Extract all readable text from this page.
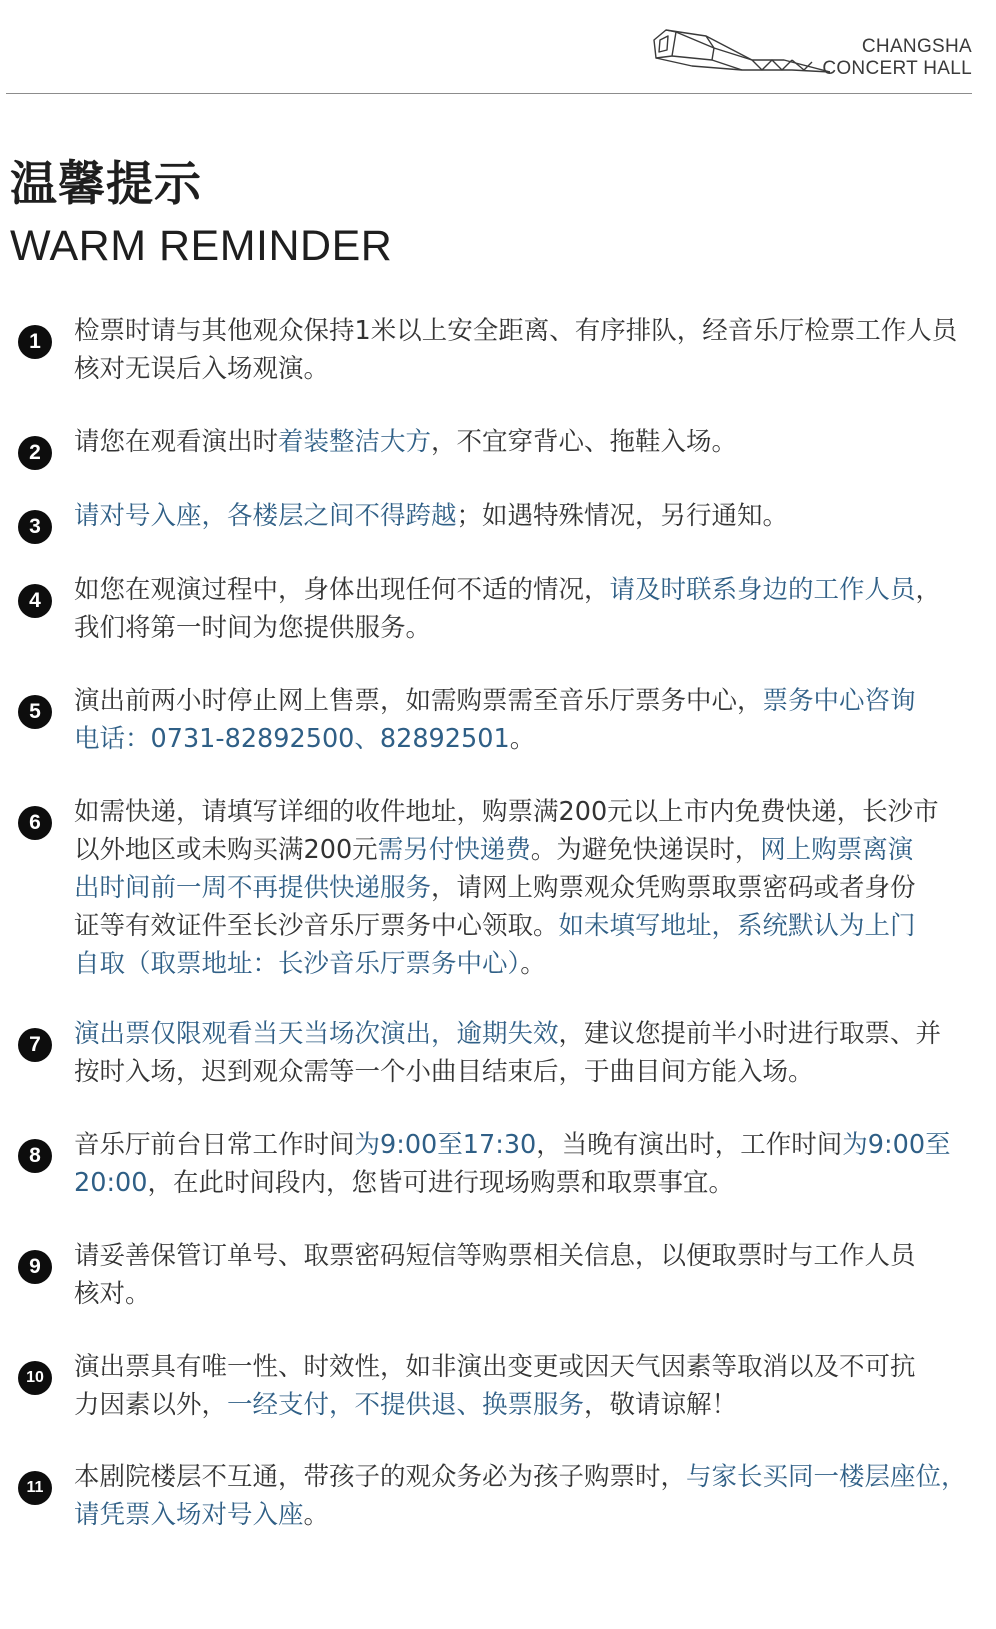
CHANGSHA
CONCERT HALL
温馨提示
WARM REMINDER
1	检票时请与其他观众保持1米以上安全距离、有序排队，经音乐厅检票工作人员
核对无误后入场观演。
2	请您在观看演出时着装整洁大方，不宜穿背心、拖鞋入场。
3	请对号入座，各楼层之间不得跨越；如遇特殊情况，另行通知。
4	如您在观演过程中，身体出现任何不适的情况，请及时联系身边的工作人员，
我们将第一时间为您提供服务。
5	演出前两小时停止网上售票，如需购票需至音乐厅票务中心，票务中心咨询
电话：0731-82892500、82892501。
6	如需快递，请填写详细的收件地址，购票满200元以上市内免费快递，长沙市
以外地区或未购买满200元需另付快递费。为避免快递误时，网上购票离演
出时间前一周不再提供快递服务，请网上购票观众凭购票取票密码或者身份
证等有效证件至长沙音乐厅票务中心领取。如未填写地址，系统默认为上门
自取（取票地址：长沙音乐厅票务中心）。
7	演出票仅限观看当天当场次演出，逾期失效，建议您提前半小时进行取票、并
按时入场，迟到观众需等一个小曲目结束后，于曲目间方能入场。
8	音乐厅前台日常工作时间为9:00至17:30，当晚有演出时，工作时间为9:00至
20:00，在此时间段内，您皆可进行现场购票和取票事宜。
9	请妥善保管订单号、取票密码短信等购票相关信息，以便取票时与工作人员
核对。
10	演出票具有唯一性、时效性，如非演出变更或因天气因素等取消以及不可抗
力因素以外，一经支付，不提供退、换票服务，敬请谅解！
11	本剧院楼层不互通，带孩子的观众务必为孩子购票时，与家长买同一楼层座位，
请凭票入场对号入座。
